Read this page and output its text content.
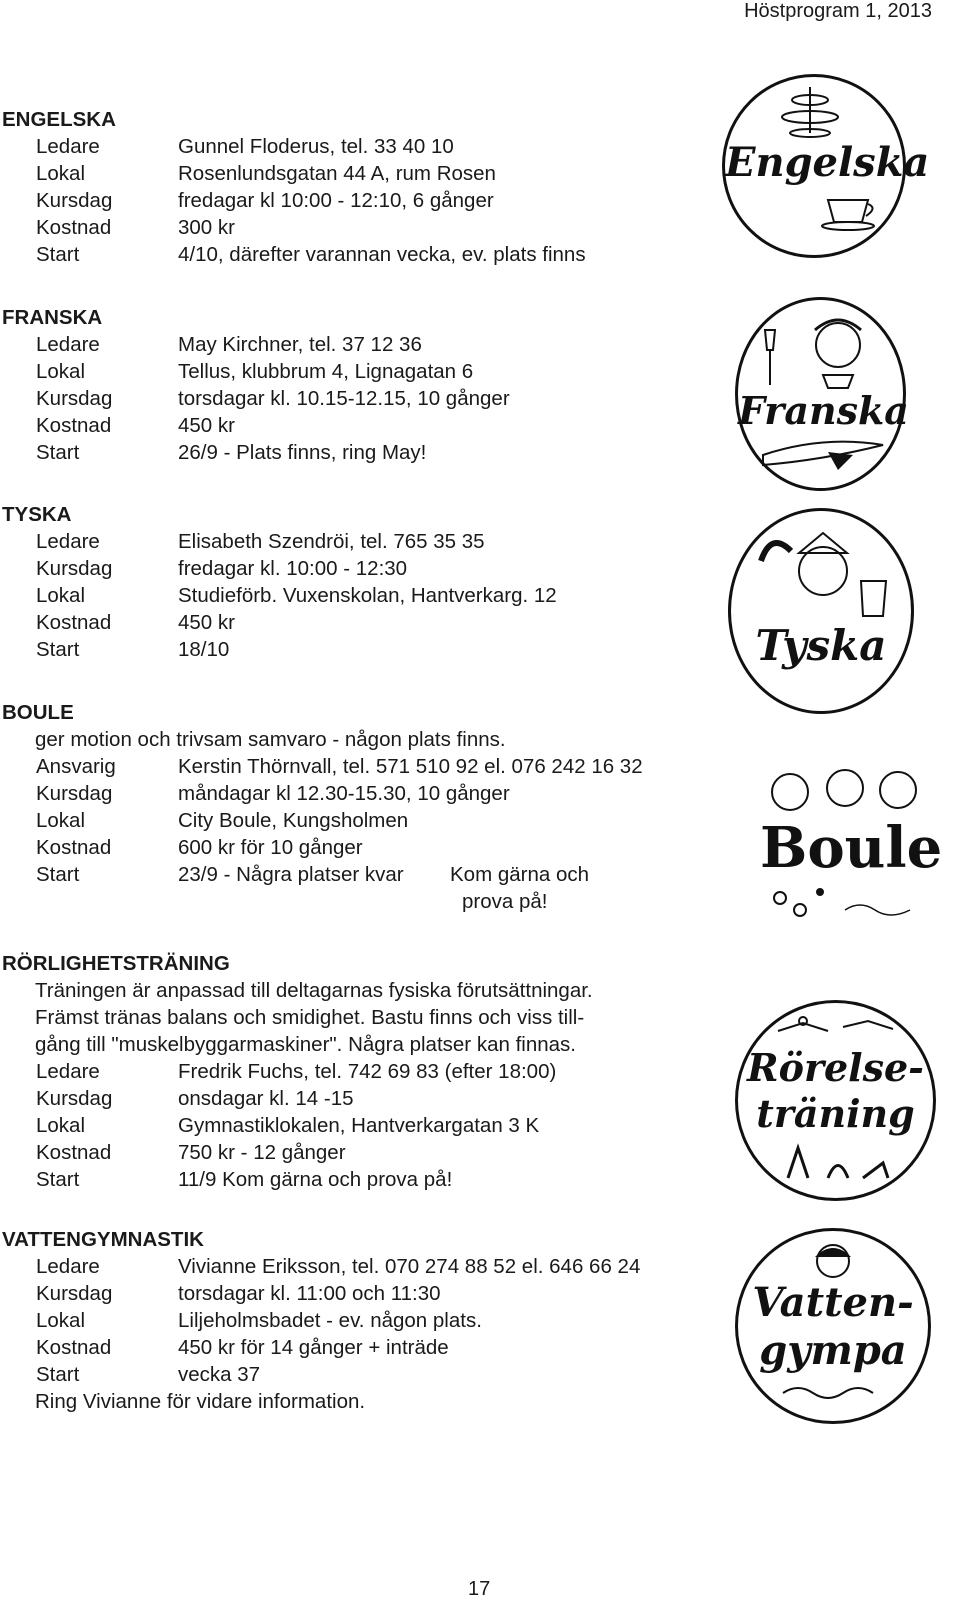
Höstprogram 1, 2013
ENGELSKA
Ledare	Gunnel Floderus, tel. 33 40 10
Lokal	Rosenlundsgatan 44 A, rum Rosen
Kursdag	fredagar kl 10:00 - 12:10, 6 gånger
Kostnad	300 kr
Start	4/10, därefter varannan vecka, ev. plats finns
Engelska
FRANSKA
Ledare	May Kirchner, tel. 37 12 36
Lokal	Tellus, klubbrum 4, Lignagatan 6
Kursdag	torsdagar kl. 10.15-12.15, 10 gånger
Kostnad	450 kr
Start	26/9 - Plats finns, ring May!
Franska
TYSKA
Ledare	Elisabeth Szendröi, tel. 765 35 35
Kursdag	fredagar kl. 10:00 - 12:30
Lokal	Studieförb. Vuxenskolan, Hantverkarg. 12
Kostnad	450 kr
Start	18/10	Tyska
BOULE
ger motion och trivsam samvaro - någon plats finns.
Ansvarig	Kerstin Thörnvall, tel. 571 510 92 el. 076 242 16 32
Kursdag	måndagar kl 12.30-15.30, 10 gånger
Lokal	City Boule, Kungsholmen
Kostnad	600 kr för 10 gånger
Start	23/9 - Några platser kvar Kom gärna och
prova på!
Boule
RÖRLIGHETSTRÄNING
Träningen är anpassad till deltagarnas fysiska förutsättningar.
Främst tränas balans och smidighet. Bastu finns och viss till-
gång till "muskelbyggarmaskiner". Några platser kan finnas.
Ledare	Fredrik Fuchs, tel. 742 69 83 (efter 18:00)
Kursdag	onsdagar kl. 14 -15
Lokal	Gymnastiklokalen, Hantverkargatan 3 K
Kostnad	750 kr - 12 gånger
Start	11/9 Kom gärna och prova på!
Rörelse-
träning
VATTENGYMNASTIK
Ledare	Vivianne Eriksson, tel. 070 274 88 52 el. 646 66 24
Kursdag	torsdagar kl. 11:00 och 11:30
Lokal	Liljeholmsbadet - ev. någon plats.
Kostnad	450 kr för 14 gånger + inträde
Start	vecka 37
Ring Vivianne för vidare information.
Vatten-
gympa
17
